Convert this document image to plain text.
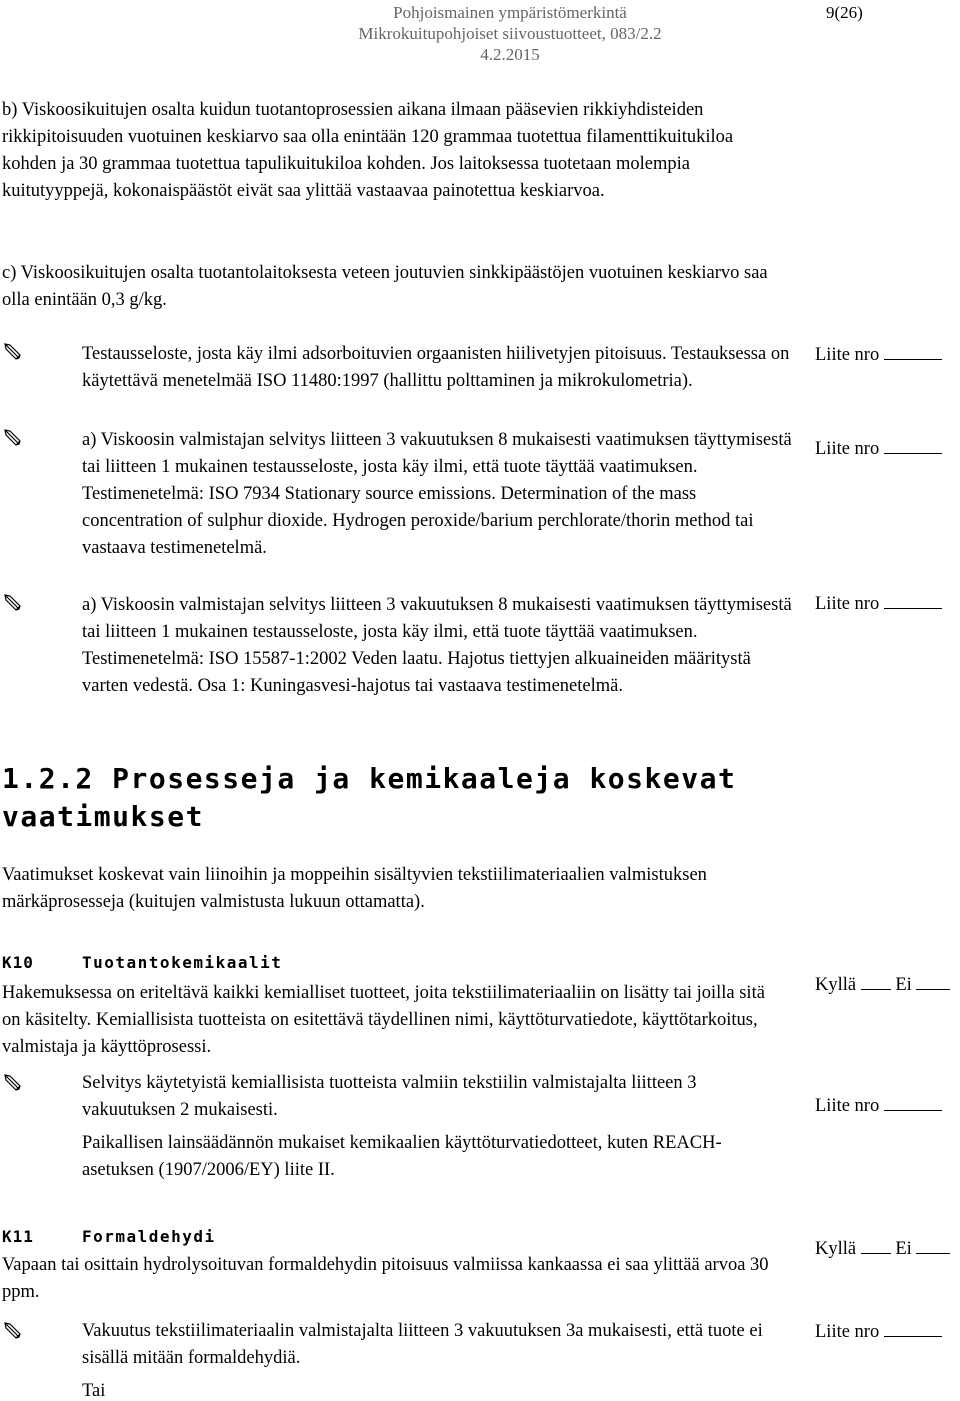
Pohjoismainen ympäristömerkintä
Mikrokuitupohjoiset siivoustuotteet, 083/2.2
4.2.2015
9(26)
b) Viskoosikuitujen osalta kuidun tuotantoprosessien aikana ilmaan pääsevien rikkiyhdisteiden rikkipitoisuuden vuotuinen keskiarvo saa olla enintään 120 grammaa tuotettua filamenttikuitukiloa kohden ja 30 grammaa tuotettua tapulikuitukiloa kohden. Jos laitoksessa tuotetaan molempia kuitutyyppejä, kokonaispäästöt eivät saa ylittää vastaavaa painotettua keskiarvoa.
c) Viskoosikuitujen osalta tuotantolaitoksesta veteen joutuvien sinkkipäästöjen vuotuinen keskiarvo saa olla enintään 0,3 g/kg.
Testausseloste, josta käy ilmi adsorboituvien orgaanisten hiilivetyjen pitoisuus. Testauksessa on käytettävä menetelmää ISO 11480:1997 (hallittu polttaminen ja mikrokulometria).
Liite nro
a) Viskoosin valmistajan selvitys liitteen 3 vakuutuksen 8 mukaisesti vaatimuksen täyttymisestä tai liitteen 1 mukainen testausseloste, josta käy ilmi, että tuote täyttää vaatimuksen. Testimenetelmä: ISO 7934 Stationary source emissions. Determination of the mass concentration of sulphur dioxide. Hydrogen peroxide/barium perchlorate/thorin method tai vastaava testimenetelmä.
Liite nro
a) Viskoosin valmistajan selvitys liitteen 3 vakuutuksen 8 mukaisesti vaatimuksen täyttymisestä tai liitteen 1 mukainen testausseloste, josta käy ilmi, että tuote täyttää vaatimuksen. Testimenetelmä: ISO 15587-1:2002 Veden laatu. Hajotus tiettyjen alkuaineiden määritystä varten vedestä. Osa 1: Kuningasvesi-hajotus tai vastaava testimenetelmä.
Liite nro
1.2.2 Prosesseja ja kemikaaleja koskevat vaatimukset
Vaatimukset koskevat vain liinoihin ja moppeihin sisältyvien tekstiilimateriaalien valmistuksen märkäprosesseja (kuitujen valmistusta lukuun ottamatta).
K10	Tuotantokemikaalit
Kyllä Ei
Hakemuksessa on eriteltävä kaikki kemialliset tuotteet, joita tekstiilimateriaaliin on lisätty tai joilla sitä on käsitelty. Kemiallisista tuotteista on esitettävä täydellinen nimi, käyttöturvatiedote, käyttötarkoitus, valmistaja ja käyttöprosessi.
Selvitys käytetyistä kemiallisista tuotteista valmiin tekstiilin valmistajalta liitteen 3 vakuutuksen 2 mukaisesti.	Liite nro
Paikallisen lainsäädännön mukaiset kemikaalien käyttöturvatiedotteet, kuten REACH-asetuksen (1907/2006/EY) liite II.
K11	Formaldehydi
Kyllä Ei
Vapaan tai osittain hydrolysoituvan formaldehydin pitoisuus valmiissa kankaassa ei saa ylittää arvoa 30 ppm.
Vakuutus tekstiilimateriaalin valmistajalta liitteen 3 vakuutuksen 3a mukaisesti, että tuote ei sisällä mitään formaldehydiä.
Liite nro
Tai
